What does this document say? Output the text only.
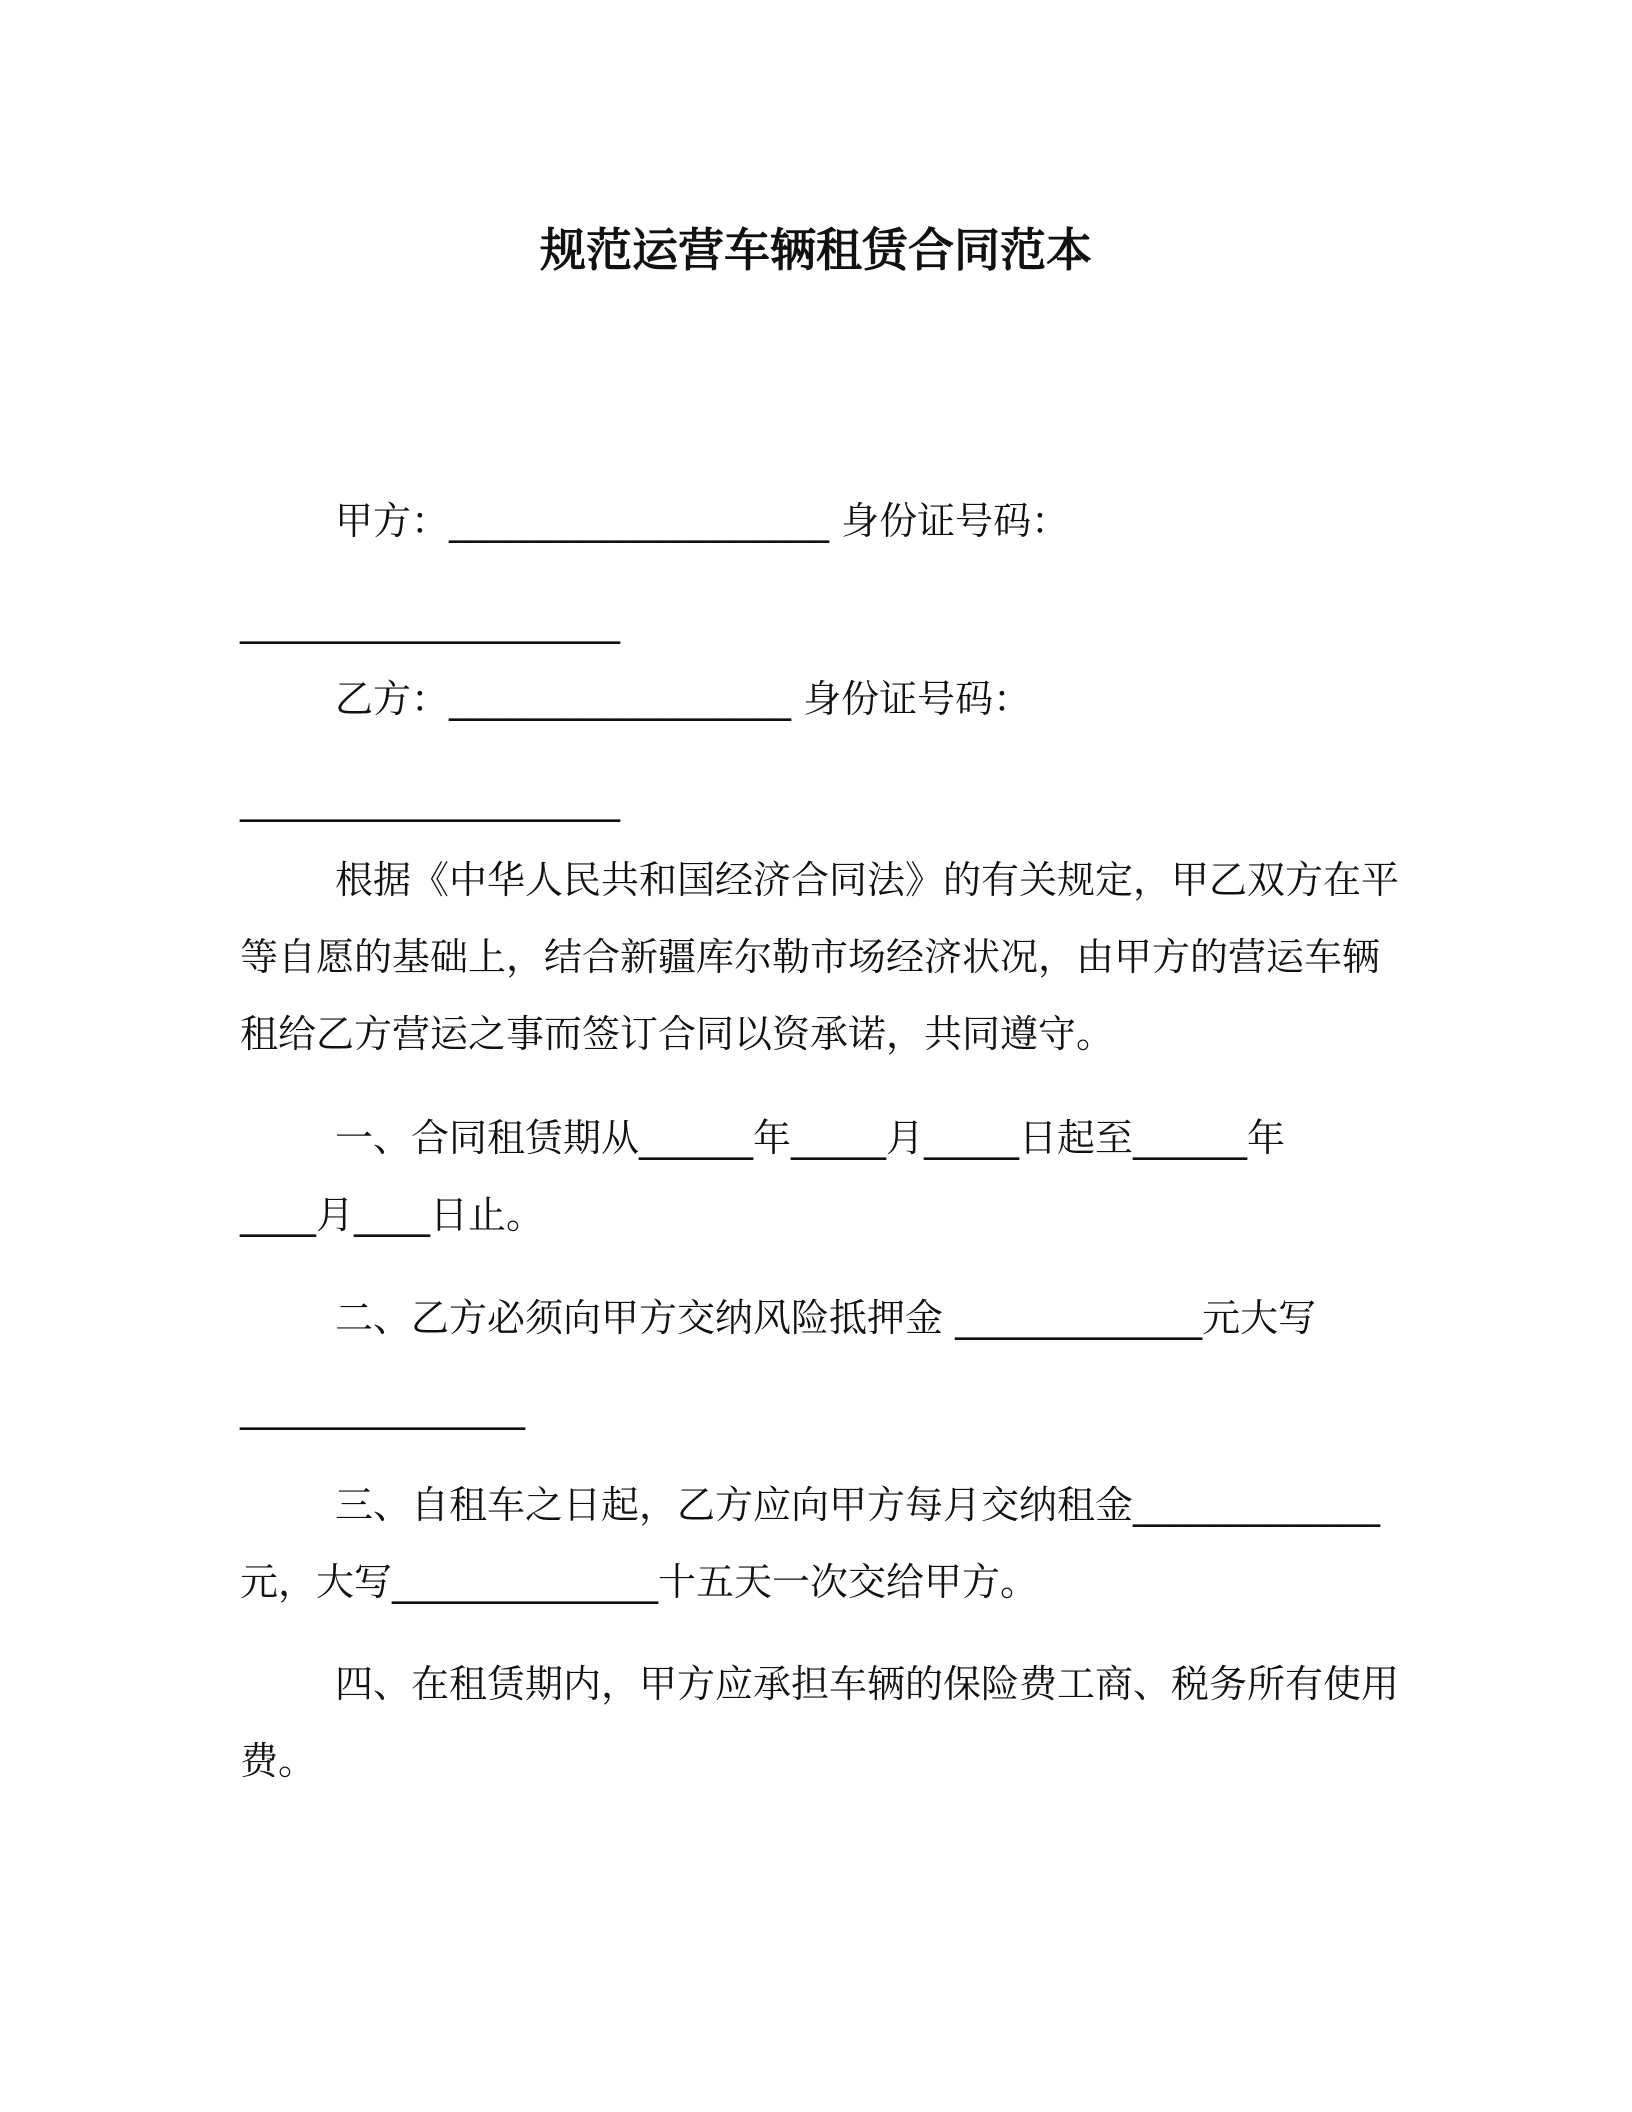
规范运营车辆租赁合同范本
甲方：____________________ 身份证号码：
____________________
乙方：__________________ 身份证号码：
____________________
根据《中华人民共和国经济合同法》的有关规定，甲乙双方在平
等自愿的基础上，结合新疆库尔勒市场经济状况，由甲方的营运车辆
租给乙方营运之事而签订合同以资承诺，共同遵守。
一、合同租赁期从______年_____月_____日起至______年
____月____日止。
二、乙方必须向甲方交纳风险抵押金 _____________元大写
_______________
三、自租车之日起，乙方应向甲方每月交纳租金_____________
元，大写______________十五天一次交给甲方。
四、在租赁期内，甲方应承担车辆的保险费工商、税务所有使用
费。
